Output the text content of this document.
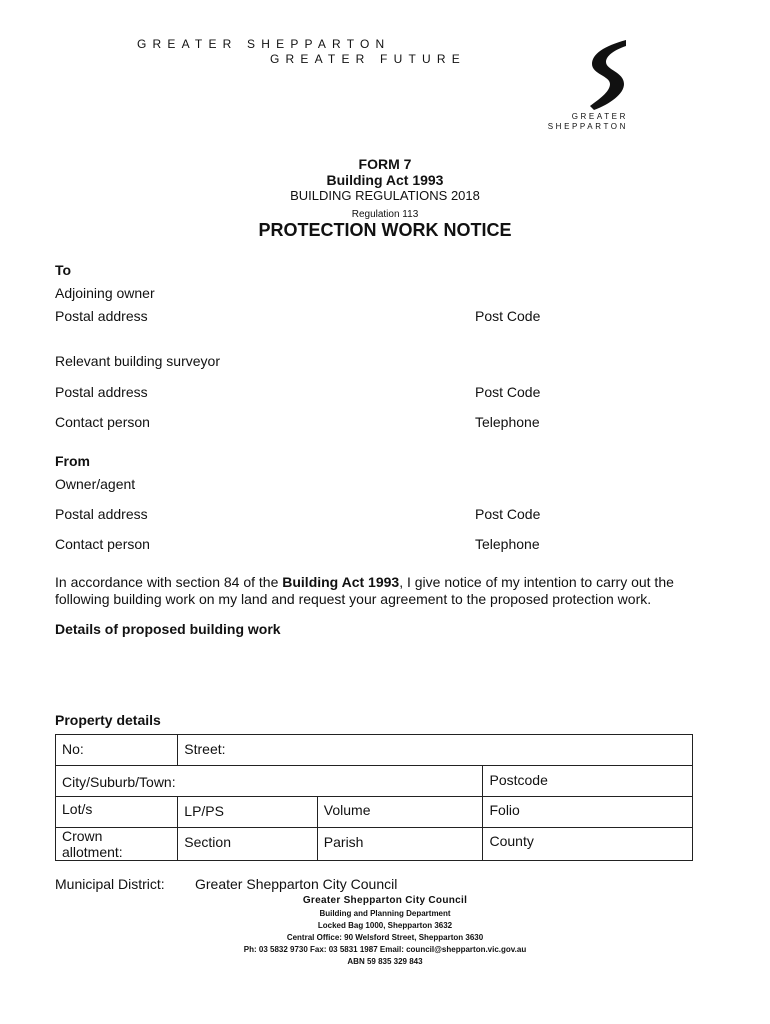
GREATER SHEPPARTON
GREATER FUTURE
GREATER
SHEPPARTON
FORM 7
Building Act 1993
BUILDING REGULATIONS 2018
Regulation 113
PROTECTION WORK NOTICE
To
Adjoining owner
Postal address	Post Code
Relevant building surveyor
Postal address	Post Code
Contact person	Telephone
From
Owner/agent
Postal address	Post Code
Contact person	Telephone
In accordance with section 84 of the Building Act 1993, I give notice of my intention to carry out the following building work on my land and request your agreement to the proposed protection work.
Details of proposed building work
Property details
No:	Street:		

City/Suburb/Town:			Postcode

Lot/s	LP/PS	Volume	Folio

Crown allotment:	Section	Parish	County
Municipal District: Greater Shepparton City Council
Greater Shepparton City Council
Building and Planning Department
Locked Bag 1000, Shepparton 3632
Central Office: 90 Welsford Street, Shepparton 3630
Ph: 03 5832 9730 Fax: 03 5831 1987 Email: council@shepparton.vic.gov.au
ABN 59 835 329 843
